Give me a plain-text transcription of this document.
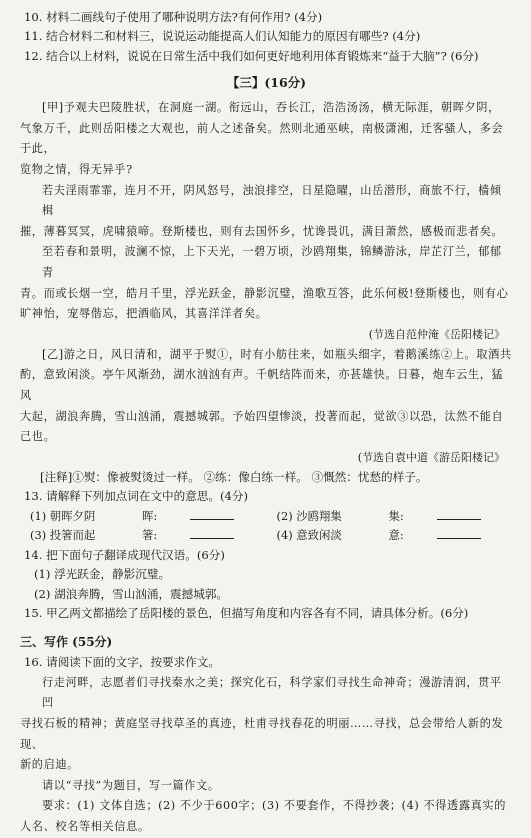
10. 材料二画线句子使用了哪种说明方法?有何作用? (4分)
11. 结合材料二和材料三，说说运动能提高人们认知能力的原因有哪些? (4分)
12. 结合以上材料，说说在日常生活中我们如何更好地利用体育锻炼来“益于大脑”? (6分)
【三】(16分)
[甲]予观夫巴陵胜状，在洞庭一湖。衔远山，吞长江，浩浩汤汤，横无际涯，朝晖夕阴，
气象万千，此则岳阳楼之大观也，前人之述备矣。然则北通巫峡，南极潇湘，迁客骚人，多会于此，
览物之情，得无异乎?
若夫淫雨霏霏，连月不开，阴风怒号，浊浪排空，日星隐曜，山岳潜形，商旅不行，樯倾楫
摧，薄暮冥冥，虎啸猿啼。登斯楼也，则有去国怀乡，忧谗畏讥，满目萧然，感极而悲者矣。
至若春和景明，波澜不惊，上下天光，一碧万顷，沙鸥翔集，锦鳞游泳，岸芷汀兰，郁郁青
青。而或长烟一空，皓月千里，浮光跃金，静影沉璧，渔歌互答，此乐何极!登斯楼也，则有心
旷神怡，宠辱偕忘，把酒临风，其喜洋洋者矣。
(节选自范仲淹《岳阳楼记》
[乙]游之日，风日清和，湖平于熨①，时有小舫往来，如瓶头细字，着鹅溪练②上。取酒共
酌，意致闲淡。亭午风渐劲，湖水汹汹有声。千帆结阵而来，亦甚雄快。日暮，炮车云生，猛风
大起，湖浪奔腾，雪山汹涌，震撼城郭。予始四望惨淡，投著而起，觉欲③以恐，汰然不能自己也。
(节选自袁中道《游岳阳楼记》
[注释]①熨：像被熨烫过一样。 ②练：像白练一样。 ③慨然：忧愁的样子。
13. 请解释下列加点词在文中的意思。(4分)
(1) 朝晖夕阴	晖:	(2) 沙鸥翔集	集:
(3) 投箸而起	箸:	(4) 意致闲淡	意:
14. 把下面句子翻译成现代汉语。(6分)
(1) 浮光跃金，静影沉璧。
(2) 湖浪奔腾，雪山汹涌，震撼城郭。
15. 甲乙两文都描绘了岳阳楼的景色，但描写角度和内容各有不同，请具体分析。(6分)
三、写作 (55分)
16. 请阅读下面的文字，按要求作文。
行走河畔，志愿者们寻找秦水之美；探究化石，科学家们寻找生命神奇；漫游清润，贯平凹
寻找石板的精神；黄庭坚寻找草圣的真迹，杜甫寻找春花的明丽……寻找，总会带给人新的发现、
新的启迪。
请以“寻找”为题目，写一篇作文。
要求：(1) 文体自选；(2) 不少于600字；(3) 不要套作，不得抄袭；(4) 不得透露真实的
人名、校名等相关信息。
